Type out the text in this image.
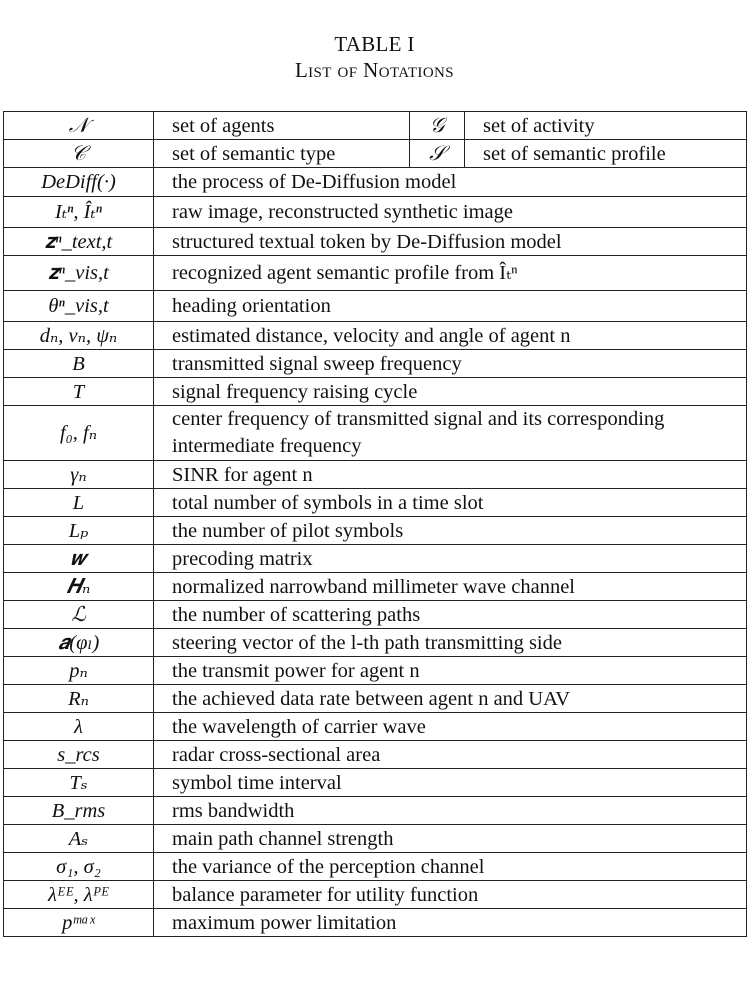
TABLE I
List of Notations
𝒩	set of agents	𝒢	set of activity
𝒞	set of semantic type	𝒮	set of semantic profile
DeDiff(·)	the process of De-Diffusion model		
Iₜⁿ, Îₜⁿ	raw image, reconstructed synthetic image		
𝐳ⁿ_text,t	structured textual token by De-Diffusion model		
𝐳ⁿ_vis,t	recognized agent semantic profile from Îₜⁿ		
θⁿ_vis,t	heading orientation		
dₙ, vₙ, ψₙ	estimated distance, velocity and angle of agent n		
B	transmitted signal sweep frequency		
T	signal frequency raising cycle		
f₀, fₙ	center frequency of transmitted signal and its corresponding intermediate frequency		
γₙ	SINR for agent n		
L	total number of symbols in a time slot		
Lₚ	the number of pilot symbols		
𝒘	precoding matrix		
𝑯ₙ	normalized narrowband millimeter wave channel		
ℒ	the number of scattering paths		
𝒂(φₗ)	steering vector of the l-th path transmitting side		
pₙ	the transmit power for agent n		
Rₙ	the achieved data rate between agent n and UAV		
λ	the wavelength of carrier wave		
s_rcs	radar cross-sectional area		
Tₛ	symbol time interval		
B_rms	rms bandwidth		
Aₛ	main path channel strength		
σ₁, σ₂	the variance of the perception channel		
λᴱᴱ, λᴾᴱ	balance parameter for utility function		
pᵐᵃˣ	maximum power limitation		
